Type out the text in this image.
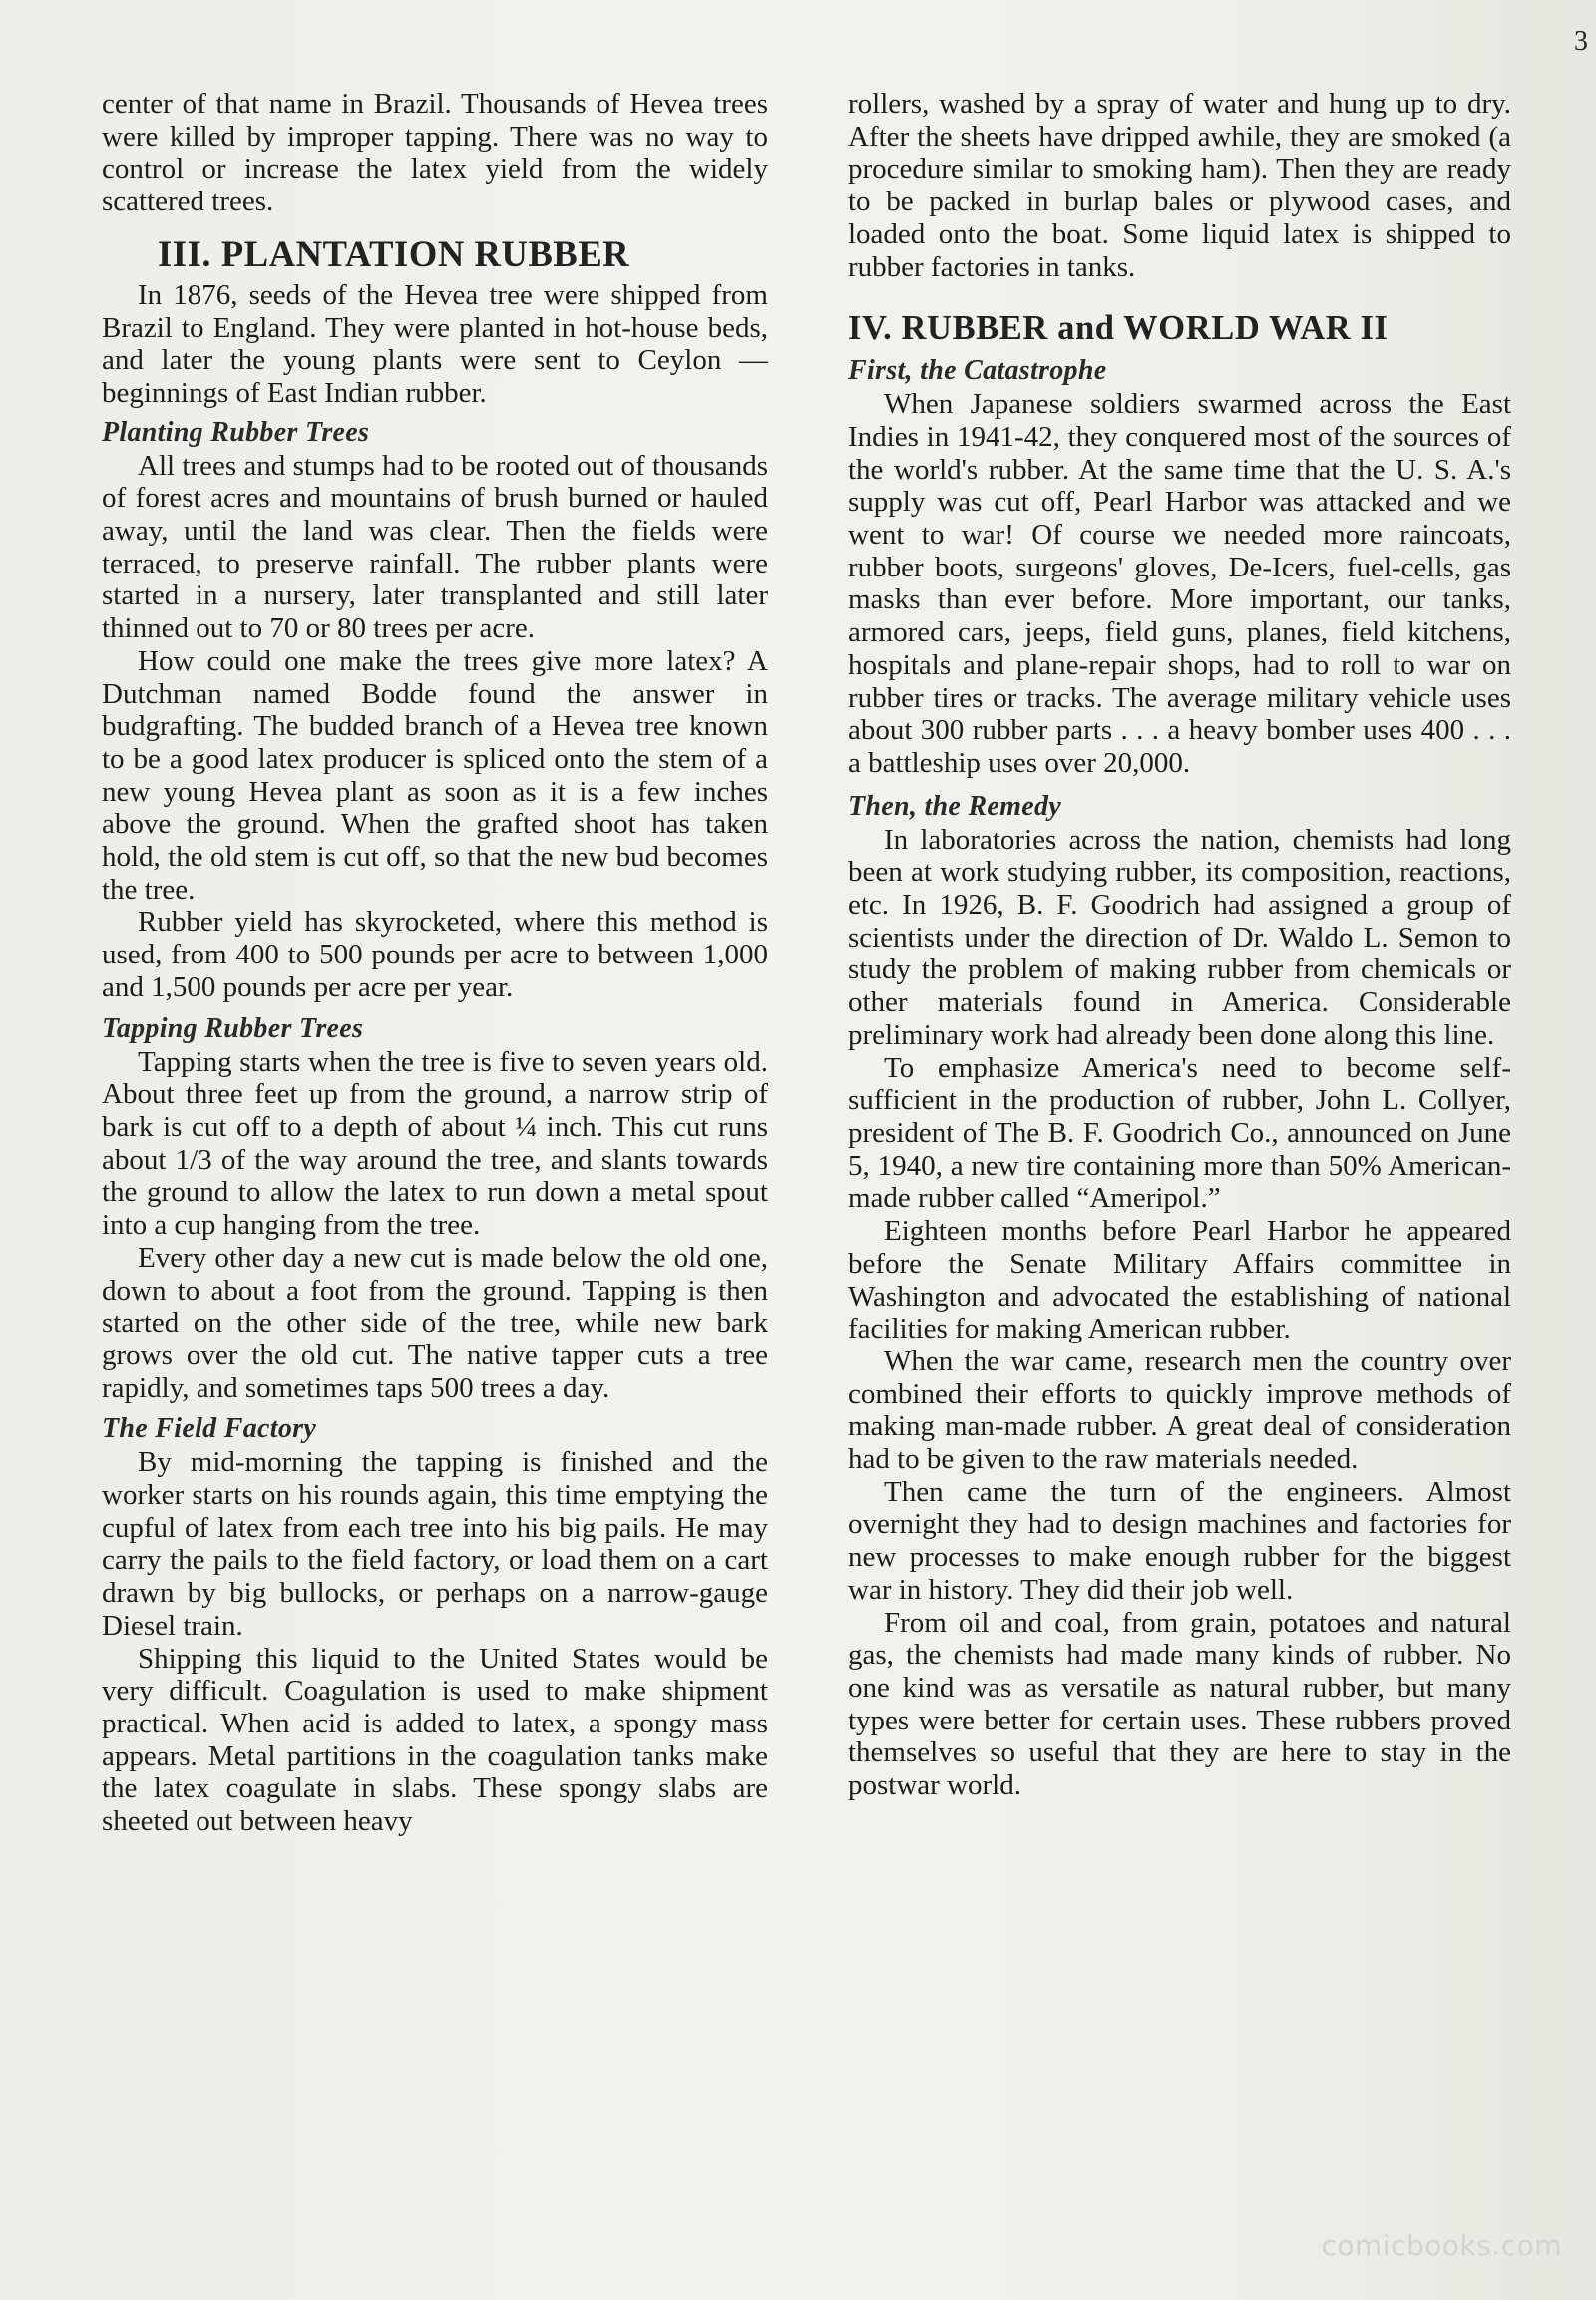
3

center of that name in Brazil. Thousands of Hevea trees were killed by improper tapping. There was no way to control or increase the latex yield from the widely scattered trees.

III. PLANTATION RUBBER

In 1876, seeds of the Hevea tree were shipped from Brazil to England. They were planted in hot-house beds, and later the young plants were sent to Ceylon — beginnings of East Indian rubber.

Planting Rubber Trees

All trees and stumps had to be rooted out of thousands of forest acres and mountains of brush burned or hauled away, until the land was clear. Then the fields were terraced, to preserve rainfall. The rubber plants were started in a nursery, later transplanted and still later thinned out to 70 or 80 trees per acre.

How could one make the trees give more latex? A Dutchman named Bodde found the answer in budgrafting. The budded branch of a Hevea tree known to be a good latex producer is spliced onto the stem of a new young Hevea plant as soon as it is a few inches above the ground. When the grafted shoot has taken hold, the old stem is cut off, so that the new bud becomes the tree.

Rubber yield has skyrocketed, where this method is used, from 400 to 500 pounds per acre to between 1,000 and 1,500 pounds per acre per year.

Tapping Rubber Trees

Tapping starts when the tree is five to seven years old. About three feet up from the ground, a narrow strip of bark is cut off to a depth of about ¼ inch. This cut runs about 1/3 of the way around the tree, and slants towards the ground to allow the latex to run down a metal spout into a cup hanging from the tree.

Every other day a new cut is made below the old one, down to about a foot from the ground. Tapping is then started on the other side of the tree, while new bark grows over the old cut. The native tapper cuts a tree rapidly, and sometimes taps 500 trees a day.

The Field Factory

By mid-morning the tapping is finished and the worker starts on his rounds again, this time emptying the cupful of latex from each tree into his big pails. He may carry the pails to the field factory, or load them on a cart drawn by big bullocks, or perhaps on a narrow-gauge Diesel train.

Shipping this liquid to the United States would be very difficult. Coagulation is used to make shipment practical. When acid is added to latex, a spongy mass appears. Metal partitions in the coagulation tanks make the latex coagulate in slabs. These spongy slabs are sheeted out between heavy

rollers, washed by a spray of water and hung up to dry. After the sheets have dripped awhile, they are smoked (a procedure similar to smoking ham). Then they are ready to be packed in burlap bales or plywood cases, and loaded onto the boat. Some liquid latex is shipped to rubber factories in tanks.

IV. RUBBER and WORLD WAR II
First, the Catastrophe

When Japanese soldiers swarmed across the East Indies in 1941-42, they conquered most of the sources of the world's rubber. At the same time that the U. S. A.'s supply was cut off, Pearl Harbor was attacked and we went to war! Of course we needed more raincoats, rubber boots, surgeons' gloves, De-Icers, fuel-cells, gas masks than ever before. More important, our tanks, armored cars, jeeps, field guns, planes, field kitchens, hospitals and plane-repair shops, had to roll to war on rubber tires or tracks. The average military vehicle uses about 300 rubber parts . . . a heavy bomber uses 400 . . . a battleship uses over 20,000.

Then, the Remedy

In laboratories across the nation, chemists had long been at work studying rubber, its composition, reactions, etc. In 1926, B. F. Goodrich had assigned a group of scientists under the direction of Dr. Waldo L. Semon to study the problem of making rubber from chemicals or other materials found in America. Considerable preliminary work had already been done along this line.

To emphasize America's need to become self-sufficient in the production of rubber, John L. Collyer, president of The B. F. Goodrich Co., announced on June 5, 1940, a new tire containing more than 50% American-made rubber called “Ameripol.”

Eighteen months before Pearl Harbor he appeared before the Senate Military Affairs committee in Washington and advocated the establishing of national facilities for making American rubber.

When the war came, research men the country over combined their efforts to quickly improve methods of making man-made rubber. A great deal of consideration had to be given to the raw materials needed.

Then came the turn of the engineers. Almost overnight they had to design machines and factories for new processes to make enough rubber for the biggest war in history. They did their job well.

From oil and coal, from grain, potatoes and natural gas, the chemists had made many kinds of rubber. No one kind was as versatile as natural rubber, but many types were better for certain uses. These rubbers proved themselves so useful that they are here to stay in the postwar world.

comicbooks.com
